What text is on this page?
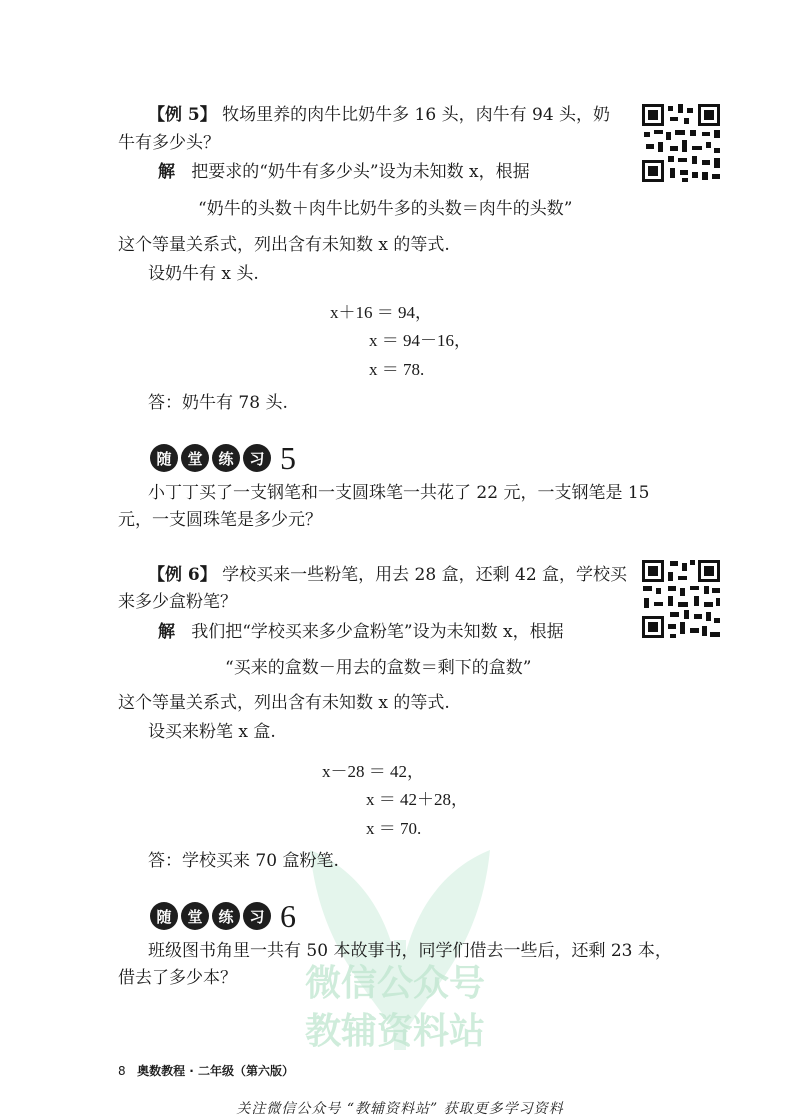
【例 5】 牧场里养的肉牛比奶牛多 16 头，肉牛有 94 头，奶
牛有多少头？
解 把要求的“奶牛有多少头”设为未知数 x，根据
“奶牛的头数＋肉牛比奶牛多的头数＝肉牛的头数”
这个等量关系式，列出含有未知数 x 的等式.
设奶牛有 x 头.
x＋16 ＝ 94，
x ＝ 94－16，
x ＝ 78.
答：奶牛有 78 头.
随	堂	练	习 5
小丁丁买了一支钢笔和一支圆珠笔一共花了 22 元，一支钢笔是 15
元，一支圆珠笔是多少元？
【例 6】 学校买来一些粉笔，用去 28 盒，还剩 42 盒，学校买
来多少盒粉笔？
解 我们把“学校买来多少盒粉笔”设为未知数 x，根据
“买来的盒数－用去的盒数＝剩下的盒数”
这个等量关系式，列出含有未知数 x 的等式.
设买来粉笔 x 盒.
x－28 ＝ 42，
x ＝ 42＋28，
x ＝ 70.
答：学校买来 70 盒粉笔.
随	堂	练	习 6
班级图书角里一共有 50 本故事书，同学们借去一些后，还剩 23 本，
借去了多少本？ 微信公众号
教辅资料站
8 奥数教程 · 二年级（第六版）
关注微信公众号 “教辅资料站” 获取更多学习资料
